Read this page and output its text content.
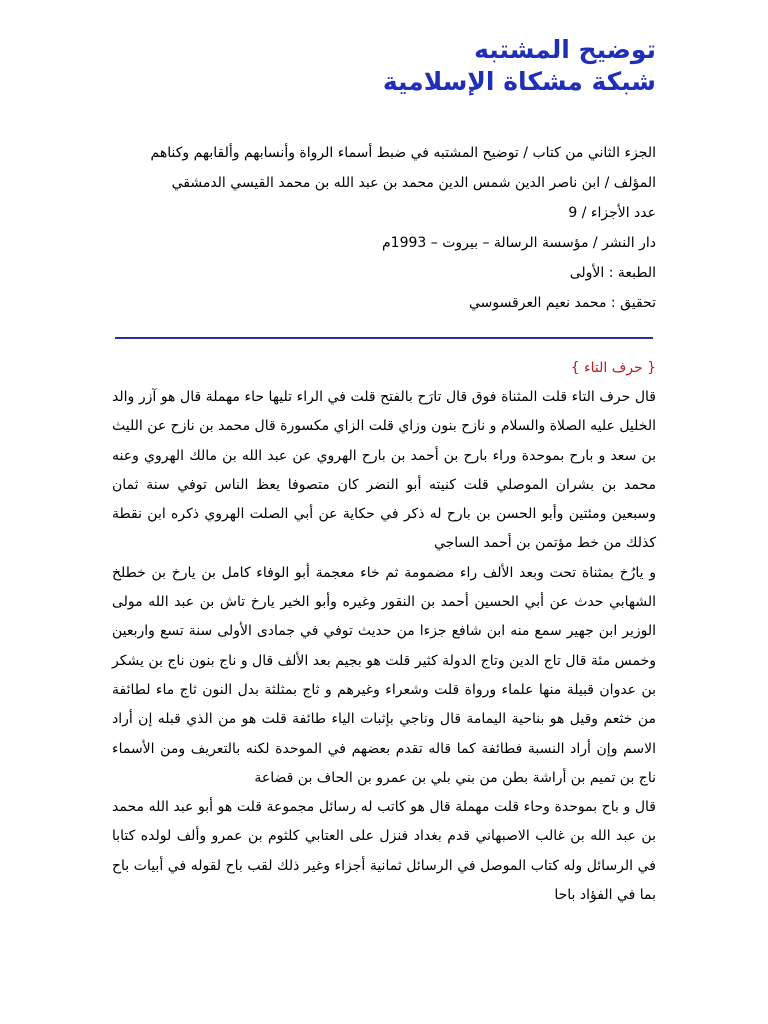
توضيح المشتبه
شبكة مشكاة الإسلامية
الجزء الثاني من كتاب / توضيح المشتبه في ضبط أسماء الرواة وأنسابهم وألقابهم وكناهم
المؤلف / ابن ناصر الدين شمس الدين محمد بن عبد الله بن محمد القيسي الدمشقي
عدد الأجزاء / 9
دار النشر / مؤسسة الرسالة – بيروت – 1993م
الطبعة : الأولى
تحقيق : محمد نعيم العرقسوسي
{ حرف التاء }

قال حرف التاء قلت المثناة فوق قال تارَح بالفتح قلت في الراء تليها حاء مهملة قال هو آزر والد الخليل عليه الصلاة والسلام و نازح بنون وزاي قلت الزاي مكسورة قال محمد بن نازح عن الليث بن سعد و بارح بموحدة وراء بارح بن أحمد بن بارح الهروي عن عبد الله بن مالك الهروي وعنه محمد بن بشران الموصلي قلت كنيته أبو النضر كان متصوفا يعظ الناس توفي سنة ثمان وسبعين ومئتين وأبو الحسن بن بارح له ذكر في حكاية عن أبي الصلت الهروي ذكره ابن نقطة كذلك من خط مؤتمن بن أحمد الساجي

و يارُخ بمثناة تحت وبعد الألف راء مضمومة ثم خاء معجمة أبو الوفاء كامل بن يارخ بن خطلخ الشهابي حدث عن أبي الحسين أحمد بن النقور وغيره وأبو الخير يارخ تاش بن عبد الله مولى الوزير ابن جهير سمع منه ابن شافع جزءا من حديث توفي في جمادى الأولى سنة تسع واربعين وخمس مئة قال تاج الدين وتاج الدولة كثير قلت هو بجيم بعد الألف قال و ناج بنون ناج بن يشكر بن عدوان قبيلة منها علماء ورواة قلت وشعراء وغيرهم و ثاج بمثلثة بدل النون ثاج ماء لطائفة من خثعم وقيل هو بناحية اليمامة قال وناجي بإثبات الياء طائفة قلت هو من الذي قبله إن أراد الاسم وإن أراد النسبة فطائفة كما قاله تقدم بعضهم في الموحدة لكنه بالتعريف ومن الأسماء ناج بن تميم بن أراشة بطن من بني بلي بن عمرو بن الحاف بن قضاعة

قال و باح بموحدة وحاء قلت مهملة قال هو كاتب له رسائل مجموعة قلت هو أبو عبد الله محمد بن عبد الله بن غالب الاصبهاني قدم بغداد فنزل على العتابي كلثوم بن عمرو وألف لولده كتابا في الرسائل وله كتاب الموصل في الرسائل ثمانية أجزاء وغير ذلك لقب باح لقوله في أبيات باح بما في الفؤاد باحا
